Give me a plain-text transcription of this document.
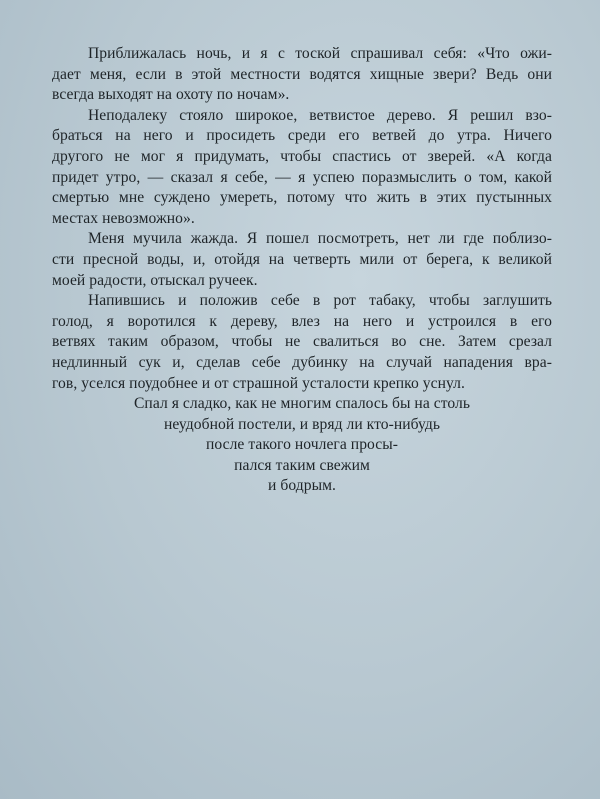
Приближалась ночь, и я с тоской спрашивал себя: «Что ожи-
дает меня, если в этой местности водятся хищные звери? Ведь они
всегда выходят на охоту по ночам».
Неподалеку стояло широкое, ветвистое дерево. Я решил взо-
браться на него и просидеть среди его ветвей до утра. Ничего
другого не мог я придумать, чтобы спастись от зверей. «А когда
придет утро, — сказал я себе, — я успею поразмыслить о том, какой
смертью мне суждено умереть, потому что жить в этих пустынных
местах невозможно».
Меня мучила жажда. Я пошел посмотреть, нет ли где поблизо-
сти пресной воды, и, отойдя на четверть мили от берега, к великой
моей радости, отыскал ручеек.
Напившись и положив себе в рот табаку, чтобы заглушить
голод, я воротился к дереву, влез на него и устроился в его
ветвях таким образом, чтобы не свалиться во сне. Затем срезал
недлинный сук и, сделав себе дубинку на случай нападения вра-
гов, уселся поудобнее и от страшной усталости крепко уснул.
Спал я сладко, как не многим спалось бы на столь
неудобной постели, и вряд ли кто-нибудь
после такого ночлега просы-
пался таким свежим
и бодрым.
